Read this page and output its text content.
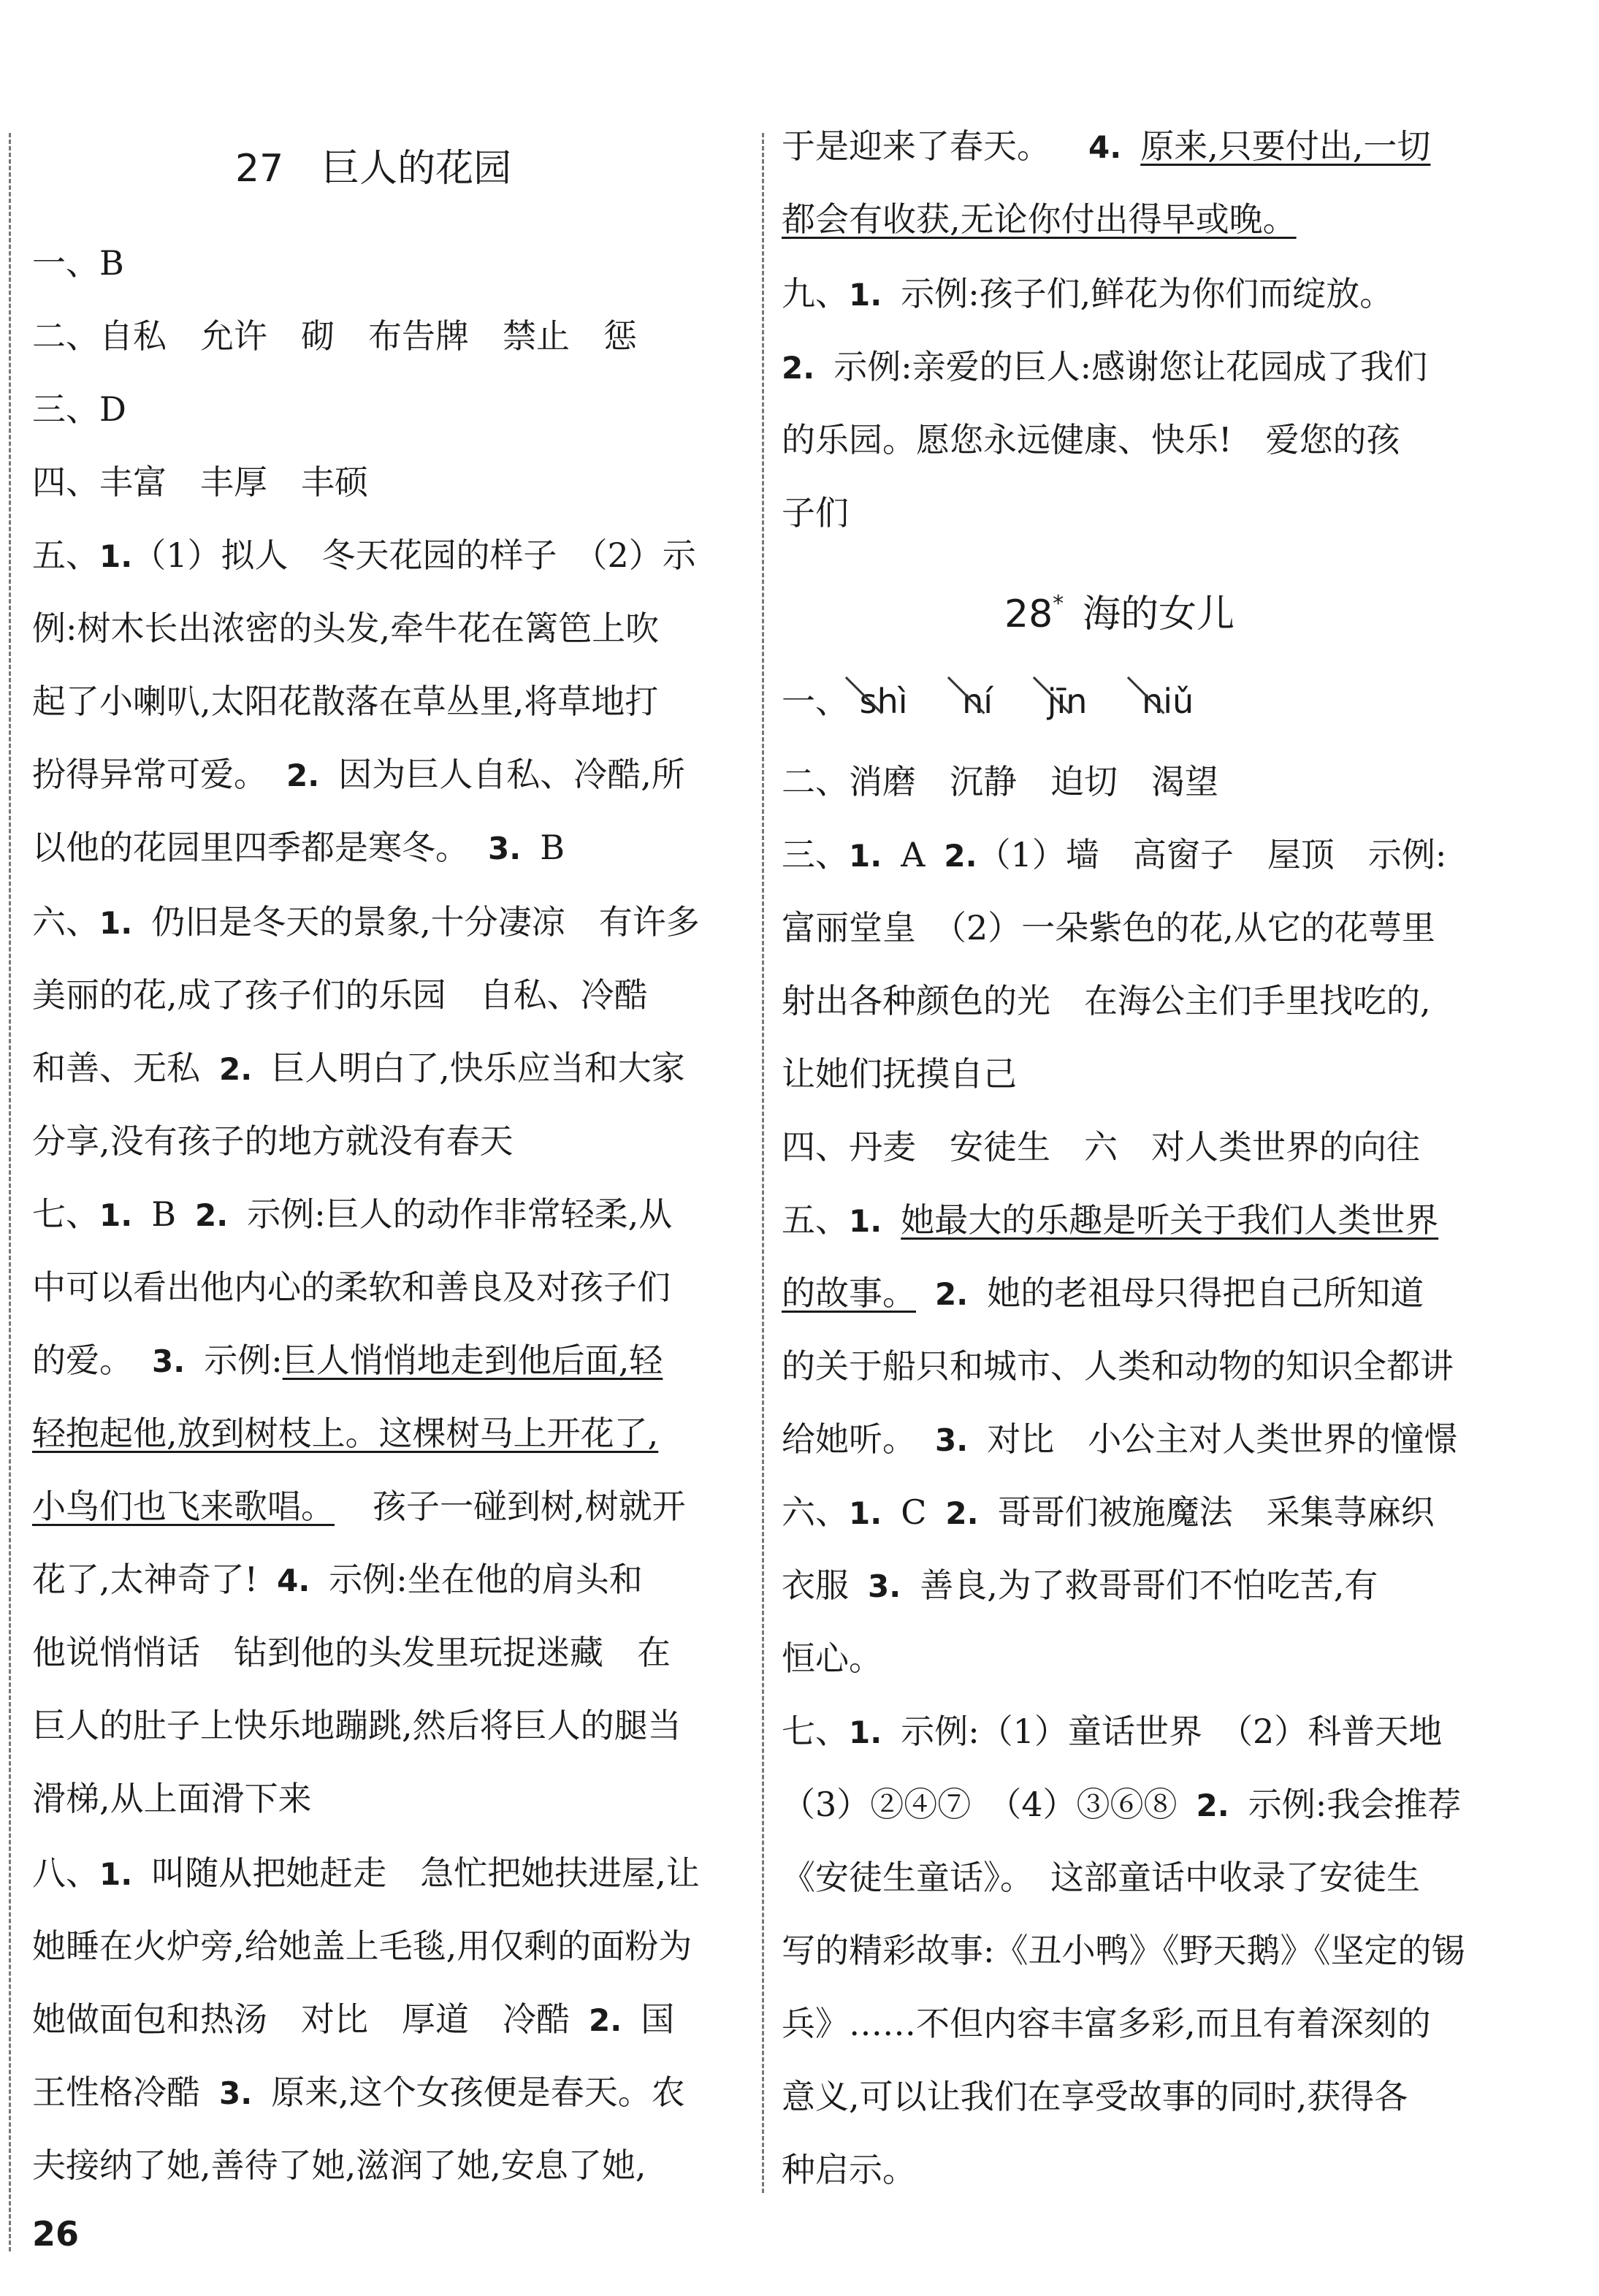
27 巨人的花园
一、B
二、自私　允许　砌　布告牌　禁止　惩
三、D
四、丰富　丰厚　丰硕
五、1.（1）拟人　冬天花园的样子　（2）示
例:树木长出浓密的头发,牵牛花在篱笆上吹
起了小喇叭,太阳花散落在草丛里,将草地打
扮得异常可爱。 2. 因为巨人自私、冷酷,所
以他的花园里四季都是寒冬。 3. B
六、1. 仍旧是冬天的景象,十分凄凉　有许多
美丽的花,成了孩子们的乐园　自私、冷酷
和善、无私 2. 巨人明白了,快乐应当和大家
分享,没有孩子的地方就没有春天
七、1. B 2. 示例:巨人的动作非常轻柔,从
中可以看出他内心的柔软和善良及对孩子们
的爱。 3. 示例:巨人悄悄地走到他后面,轻
轻抱起他,放到树枝上。这棵树马上开花了,
小鸟们也飞来歌唱。 孩子一碰到树,树就开
花了,太神奇了! 4. 示例:坐在他的肩头和
他说悄悄话　钻到他的头发里玩捉迷藏　在
巨人的肚子上快乐地蹦跳,然后将巨人的腿当
滑梯,从上面滑下来
八、1. 叫随从把她赶走　急忙把她扶进屋,让
她睡在火炉旁,给她盖上毛毯,用仅剩的面粉为
她做面包和热汤　对比　厚道　冷酷 2. 国
王性格冷酷 3. 原来,这个女孩便是春天。农
夫接纳了她,善待了她,滋润了她,安息了她,
26
于是迎来了春天。 4. 原来,只要付出,一切
都会有收获,无论你付出得早或晚。
九、1. 示例:孩子们,鲜花为你们而绽放。
2. 示例:亲爱的巨人:感谢您让花园成了我们
的乐园。愿您永远健康、快乐!　爱您的孩
子们
28* 海的女儿
一、 shì ní jīn niǔ
二、消磨　沉静　迫切　渴望
三、1. A 2.（1）墙　高窗子　屋顶　示例:
富丽堂皇　（2）一朵紫色的花,从它的花萼里
射出各种颜色的光　在海公主们手里找吃的,
让她们抚摸自己
四、丹麦　安徒生　六　对人类世界的向往
五、1. 她最大的乐趣是听关于我们人类世界
的故事。 2. 她的老祖母只得把自己所知道
的关于船只和城市、人类和动物的知识全都讲
给她听。 3. 对比　小公主对人类世界的憧憬
六、1. C 2. 哥哥们被施魔法　采集荨麻织
衣服 3. 善良,为了救哥哥们不怕吃苦,有
恒心。
七、1. 示例:（1）童话世界　（2）科普天地
（3）②④⑦　（4）③⑥⑧ 2. 示例:我会推荐
《安徒生童话》。　这部童话中收录了安徒生
写的精彩故事:《丑小鸭》《野天鹅》《坚定的锡
兵》……不但内容丰富多彩,而且有着深刻的
意义,可以让我们在享受故事的同时,获得各
种启示。
